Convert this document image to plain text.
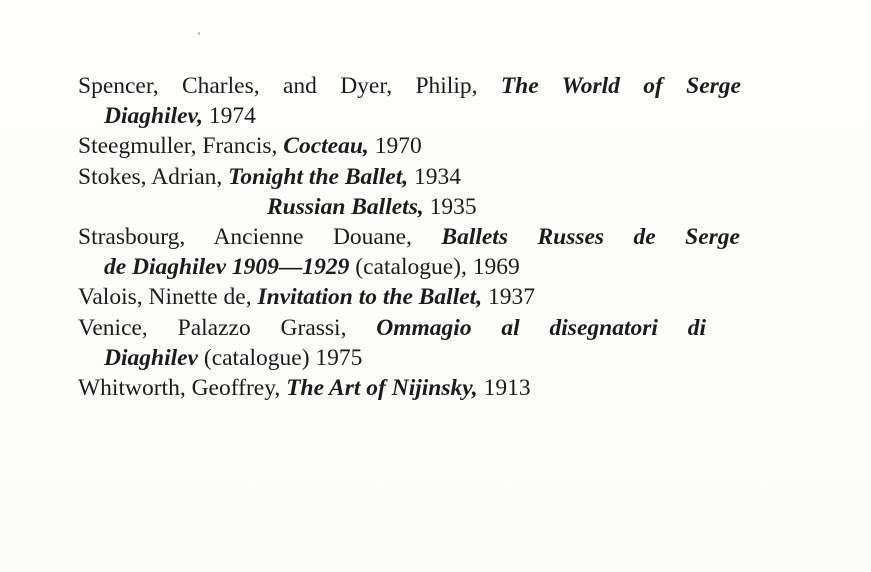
Spencer, Charles, and Dyer, Philip, The World of Serge
Diaghilev, 1974
Steegmuller, Francis, Cocteau, 1970
Stokes, Adrian, Tonight the Ballet, 1934
Russian Ballets, 1935
Strasbourg, Ancienne Douane, Ballets Russes de Serge
de Diaghilev 1909—1929 (catalogue), 1969
Valois, Ninette de, Invitation to the Ballet, 1937
Venice, Palazzo Grassi, Ommagio al disegnatori di
Diaghilev (catalogue) 1975
Whitworth, Geoffrey, The Art of Nijinsky, 1913
